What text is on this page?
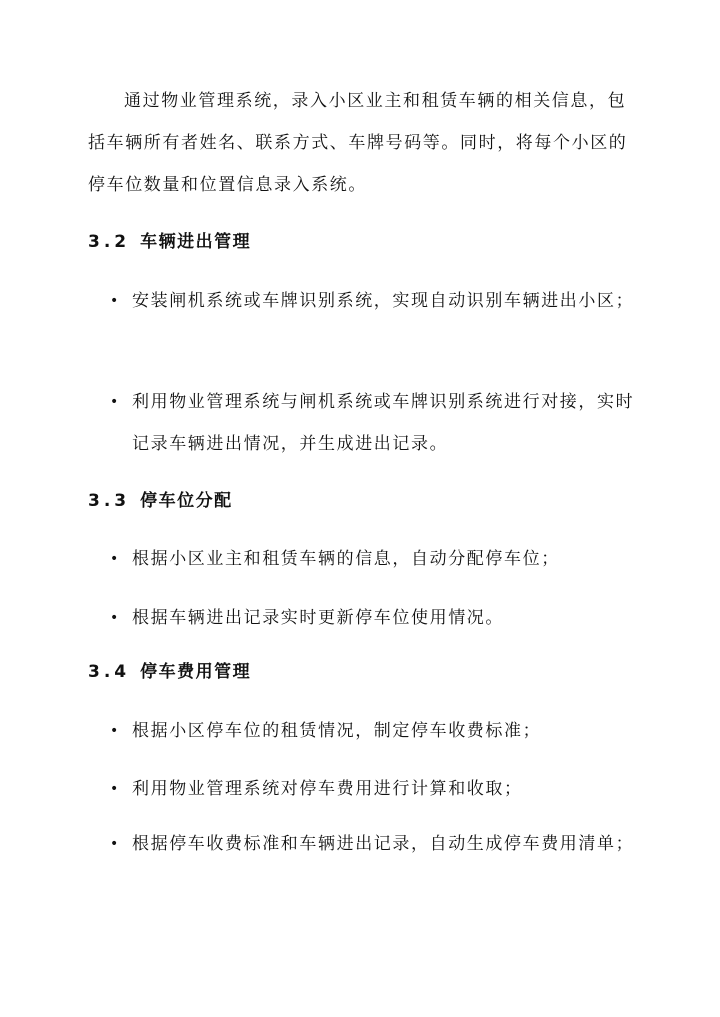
通过物业管理系统，录入小区业主和租赁车辆的相关信息，包括车辆所有者姓名、联系方式、车牌号码等。同时，将每个小区的停车位数量和位置信息录入系统。

3.2 车辆进出管理
• 安装闸机系统或车牌识别系统，实现自动识别车辆进出小区；
• 利用物业管理系统与闸机系统或车牌识别系统进行对接，实时记录车辆进出情况，并生成进出记录。
3.3 停车位分配
• 根据小区业主和租赁车辆的信息，自动分配停车位；
• 根据车辆进出记录实时更新停车位使用情况。
3.4 停车费用管理
• 根据小区停车位的租赁情况，制定停车收费标准；
• 利用物业管理系统对停车费用进行计算和收取；
• 根据停车收费标准和车辆进出记录，自动生成停车费用清单；
